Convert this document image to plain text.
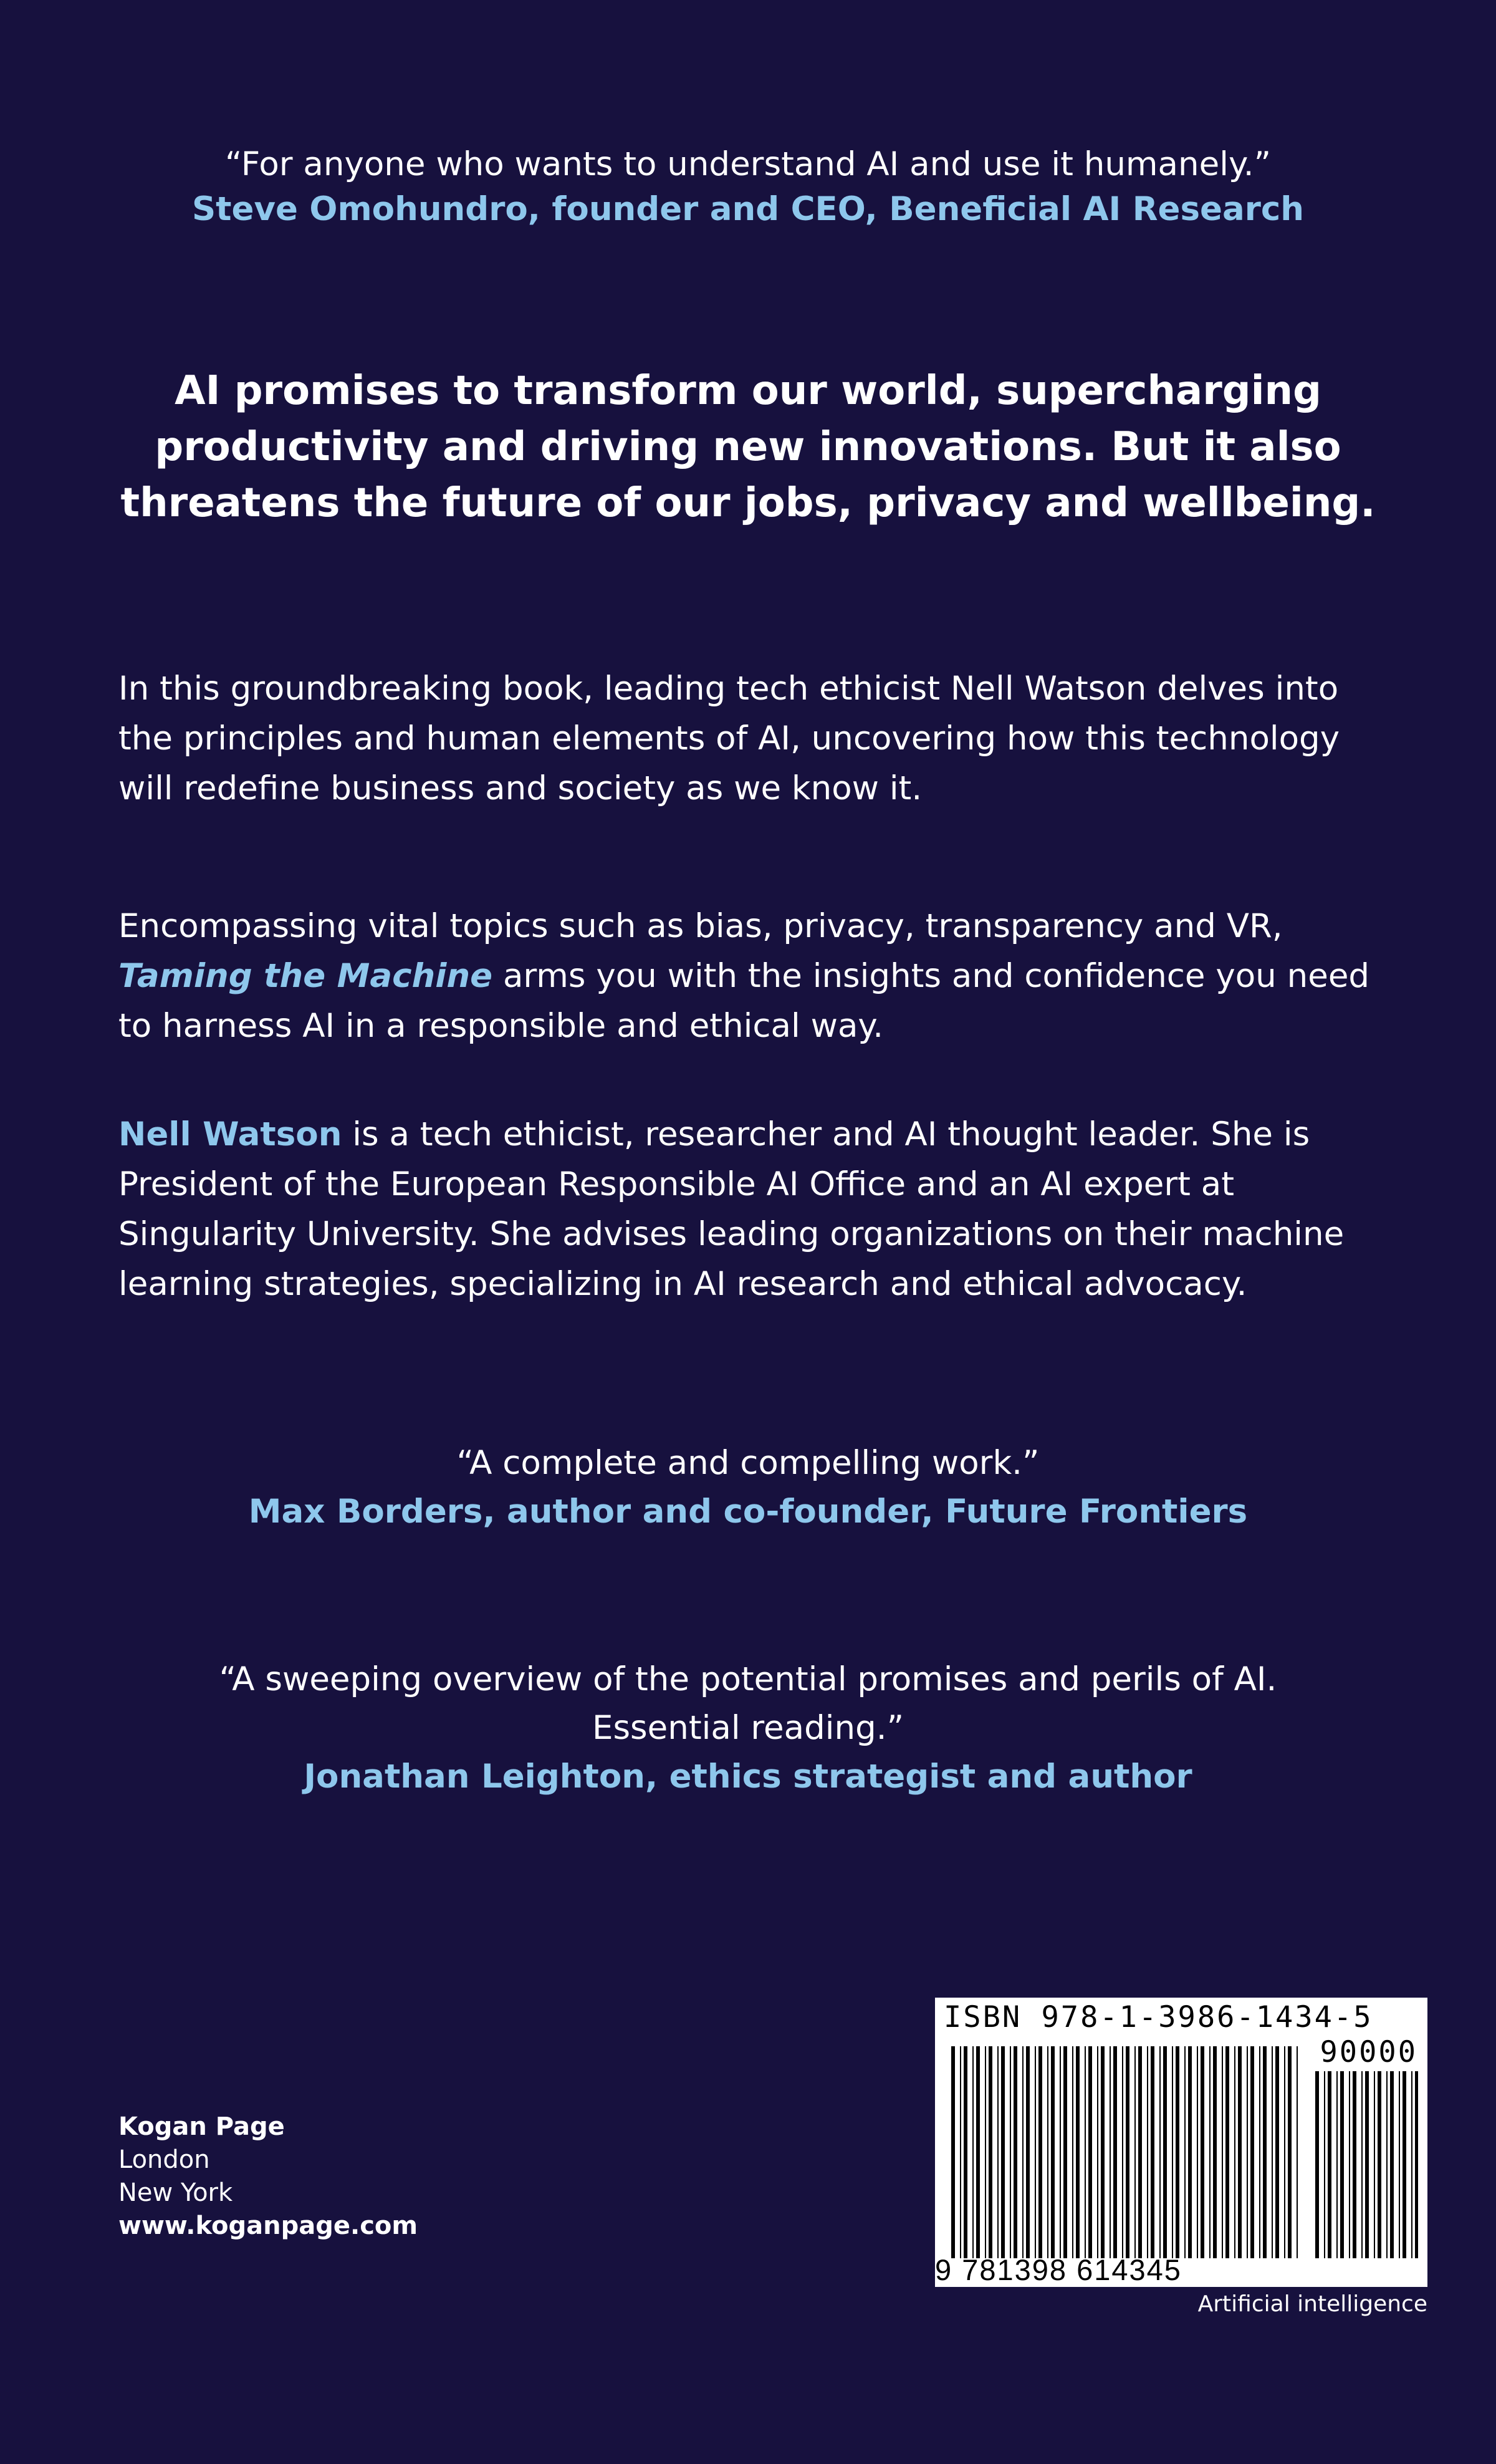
“For anyone who wants to understand AI and use it humanely.”
Steve Omohundro, founder and CEO, Beneficial AI Research
AI promises to transform our world, supercharging
productivity and driving new innovations. But it also
threatens the future of our jobs, privacy and wellbeing.
In this groundbreaking book, leading tech ethicist Nell Watson delves into
the principles and human elements of AI, uncovering how this technology
will redefine business and society as we know it.
Encompassing vital topics such as bias, privacy, transparency and VR,
Taming the Machine arms you with the insights and confidence you need
to harness AI in a responsible and ethical way.
Nell Watson is a tech ethicist, researcher and AI thought leader. She is
President of the European Responsible AI Office and an AI expert at
Singularity University. She advises leading organizations on their machine
learning strategies, specializing in AI research and ethical advocacy.
“A complete and compelling work.”
Max Borders, author and co-founder, Future Frontiers
“A sweeping overview of the potential promises and perils of AI.
Essential reading.”
Jonathan Leighton, ethics strategist and author
Kogan Page
London
New York
www.koganpage.com
ISBN 978-1-3986-1434-5
90000
9 781398 614345
Artificial intelligence
